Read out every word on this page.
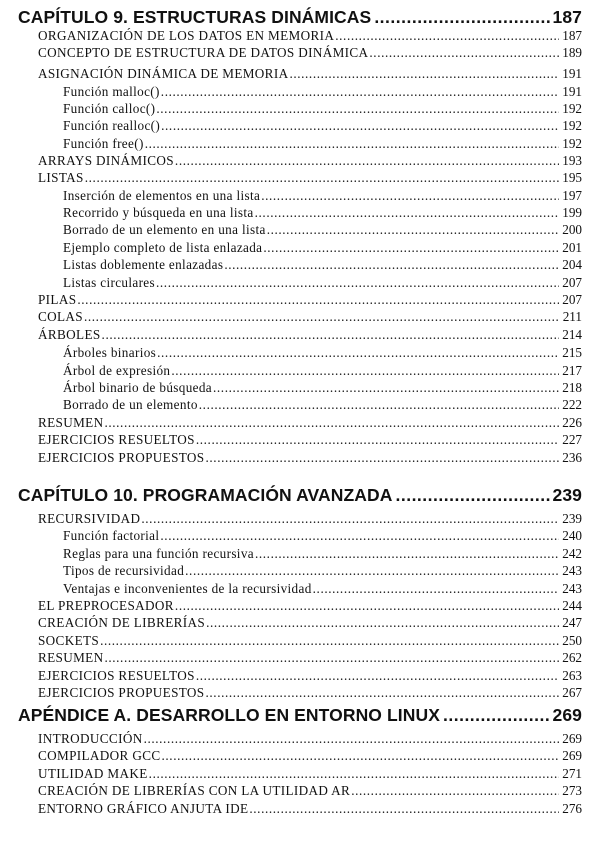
CAPÍTULO 9. ESTRUCTURAS DINÁMICAS .....	187
ORGANIZACIÓN DE LOS DATOS EN MEMORIA .....	187
CONCEPTO DE ESTRUCTURA DE DATOS DINÁMICA .....	189
ASIGNACIÓN DINÁMICA DE MEMORIA .....	191
Función malloc() .....	191
Función calloc() .....	192
Función realloc() .....	192
Función free() .....	192
ARRAYS DINÁMICOS .....	193
LISTAS .....	195
Inserción de elementos en una lista .....	197
Recorrido y búsqueda en una lista .....	199
Borrado de un elemento en una lista .....	200
Ejemplo completo de lista enlazada .....	201
Listas doblemente enlazadas .....	204
Listas circulares .....	207
PILAS .....	207
COLAS .....	211
ÁRBOLES .....	214
Árboles binarios .....	215
Árbol de expresión .....	217
Árbol binario de búsqueda .....	218
Borrado de un elemento .....	222
RESUMEN .....	226
EJERCICIOS RESUELTOS .....	227
EJERCICIOS PROPUESTOS .....	236
CAPÍTULO 10. PROGRAMACIÓN AVANZADA .....	239
RECURSIVIDAD .....	239
Función factorial .....	240
Reglas para una función recursiva .....	242
Tipos de recursividad .....	243
Ventajas e inconvenientes de la recursividad .....	243
EL PREPROCESADOR .....	244
CREACIÓN DE LIBRERÍAS .....	247
SOCKETS .....	250
RESUMEN .....	262
EJERCICIOS RESUELTOS .....	263
EJERCICIOS PROPUESTOS .....	267
APÉNDICE A. DESARROLLO EN ENTORNO LINUX .....	269
INTRODUCCIÓN .....	269
COMPILADOR GCC .....	269
UTILIDAD MAKE .....	271
CREACIÓN DE LIBRERÍAS CON LA UTILIDAD AR .....	273
ENTORNO GRÁFICO ANJUTA IDE .....	276
